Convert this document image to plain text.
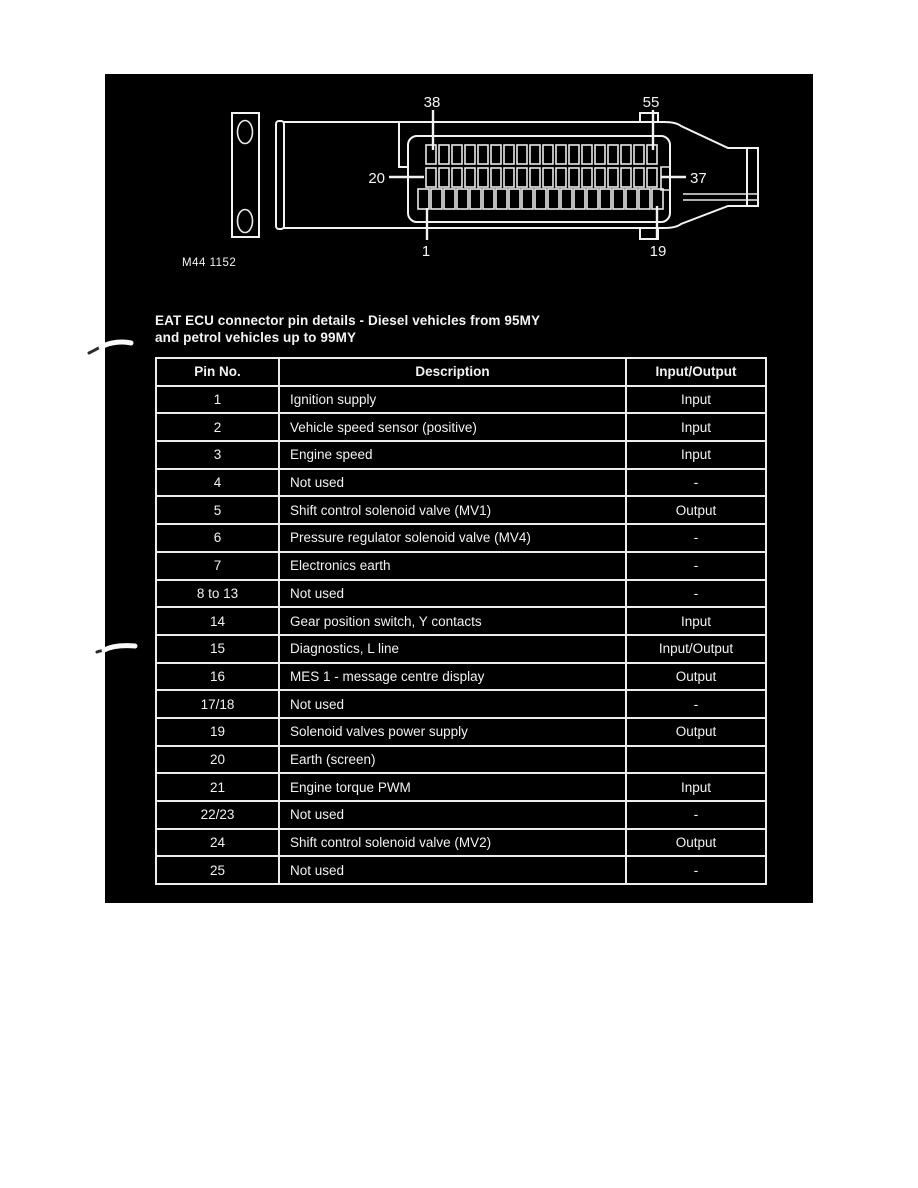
38	55
20	37
1	19
M44 1152
EAT ECU connector pin details - Diesel vehicles from 95MY
and petrol vehicles up to 99MY
Pin No.	Description	Input/Output
1	Ignition supply	Input
2	Vehicle speed sensor (positive)	Input
3	Engine speed	Input
4	Not used	-
5	Shift control solenoid valve (MV1)	Output
6	Pressure regulator solenoid valve (MV4)	-
7	Electronics earth	-
8 to 13	Not used	-
14	Gear position switch, Y contacts	Input
15	Diagnostics, L line	Input/Output
16	MES 1 - message centre display	Output
17/18	Not used	-
19	Solenoid valves power supply	Output
20	Earth (screen)	
21	Engine torque PWM	Input
22/23	Not used	-
24	Shift control solenoid valve (MV2)	Output
25	Not used	-
